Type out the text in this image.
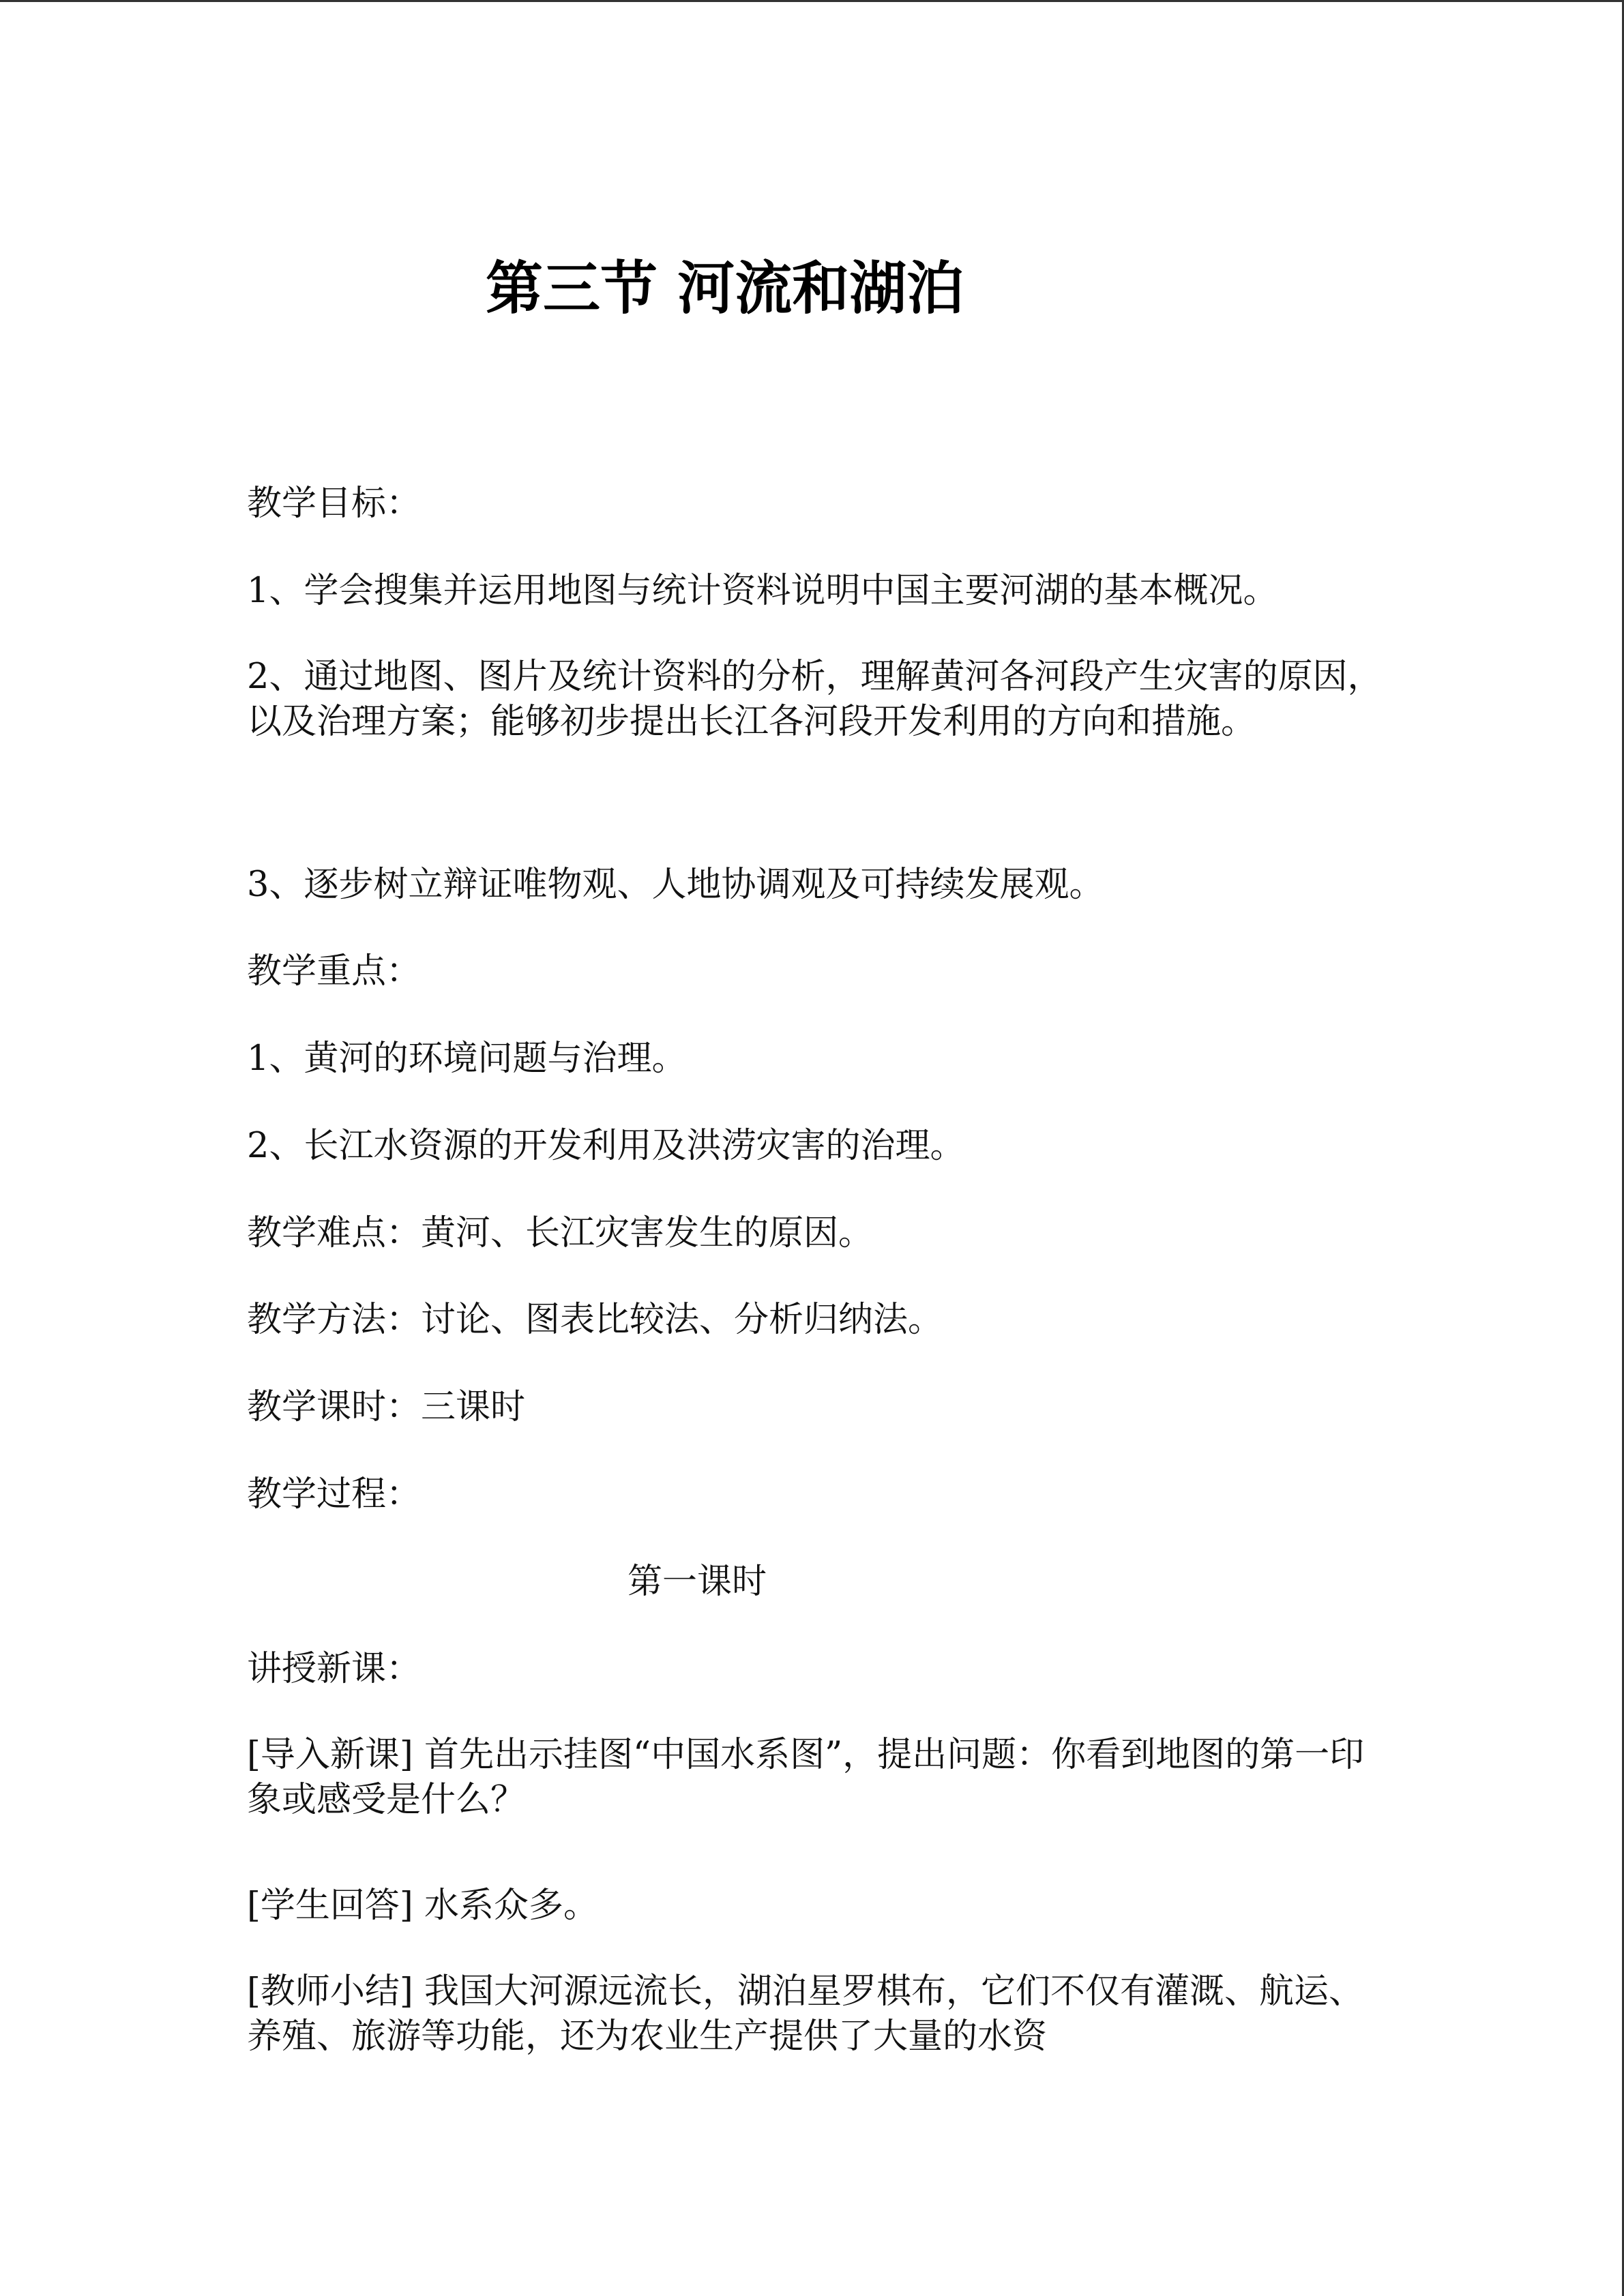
第三节 河流和湖泊

教学目标：

1、学会搜集并运用地图与统计资料说明中国主要河湖的基本概况。

2、通过地图、图片及统计资料的分析，理解黄河各河段产生灾害的原因，以及治理方案；能够初步提出长江各河段开发利用的方向和措施。

3、逐步树立辩证唯物观、人地协调观及可持续发展观。

教学重点：

1、黄河的环境问题与治理。

2、长江水资源的开发利用及洪涝灾害的治理。

教学难点：黄河、长江灾害发生的原因。

教学方法：讨论、图表比较法、分析归纳法。

教学课时：三课时

教学过程：

第一课时

讲授新课：

[导入新课] 首先出示挂图“中国水系图”，提出问题：你看到地图的第一印象或感受是什么？

[学生回答] 水系众多。

[教师小结] 我国大河源远流长，湖泊星罗棋布，它们不仅有灌溉、航运、养殖、旅游等功能，还为农业生产提供了大量的水资
